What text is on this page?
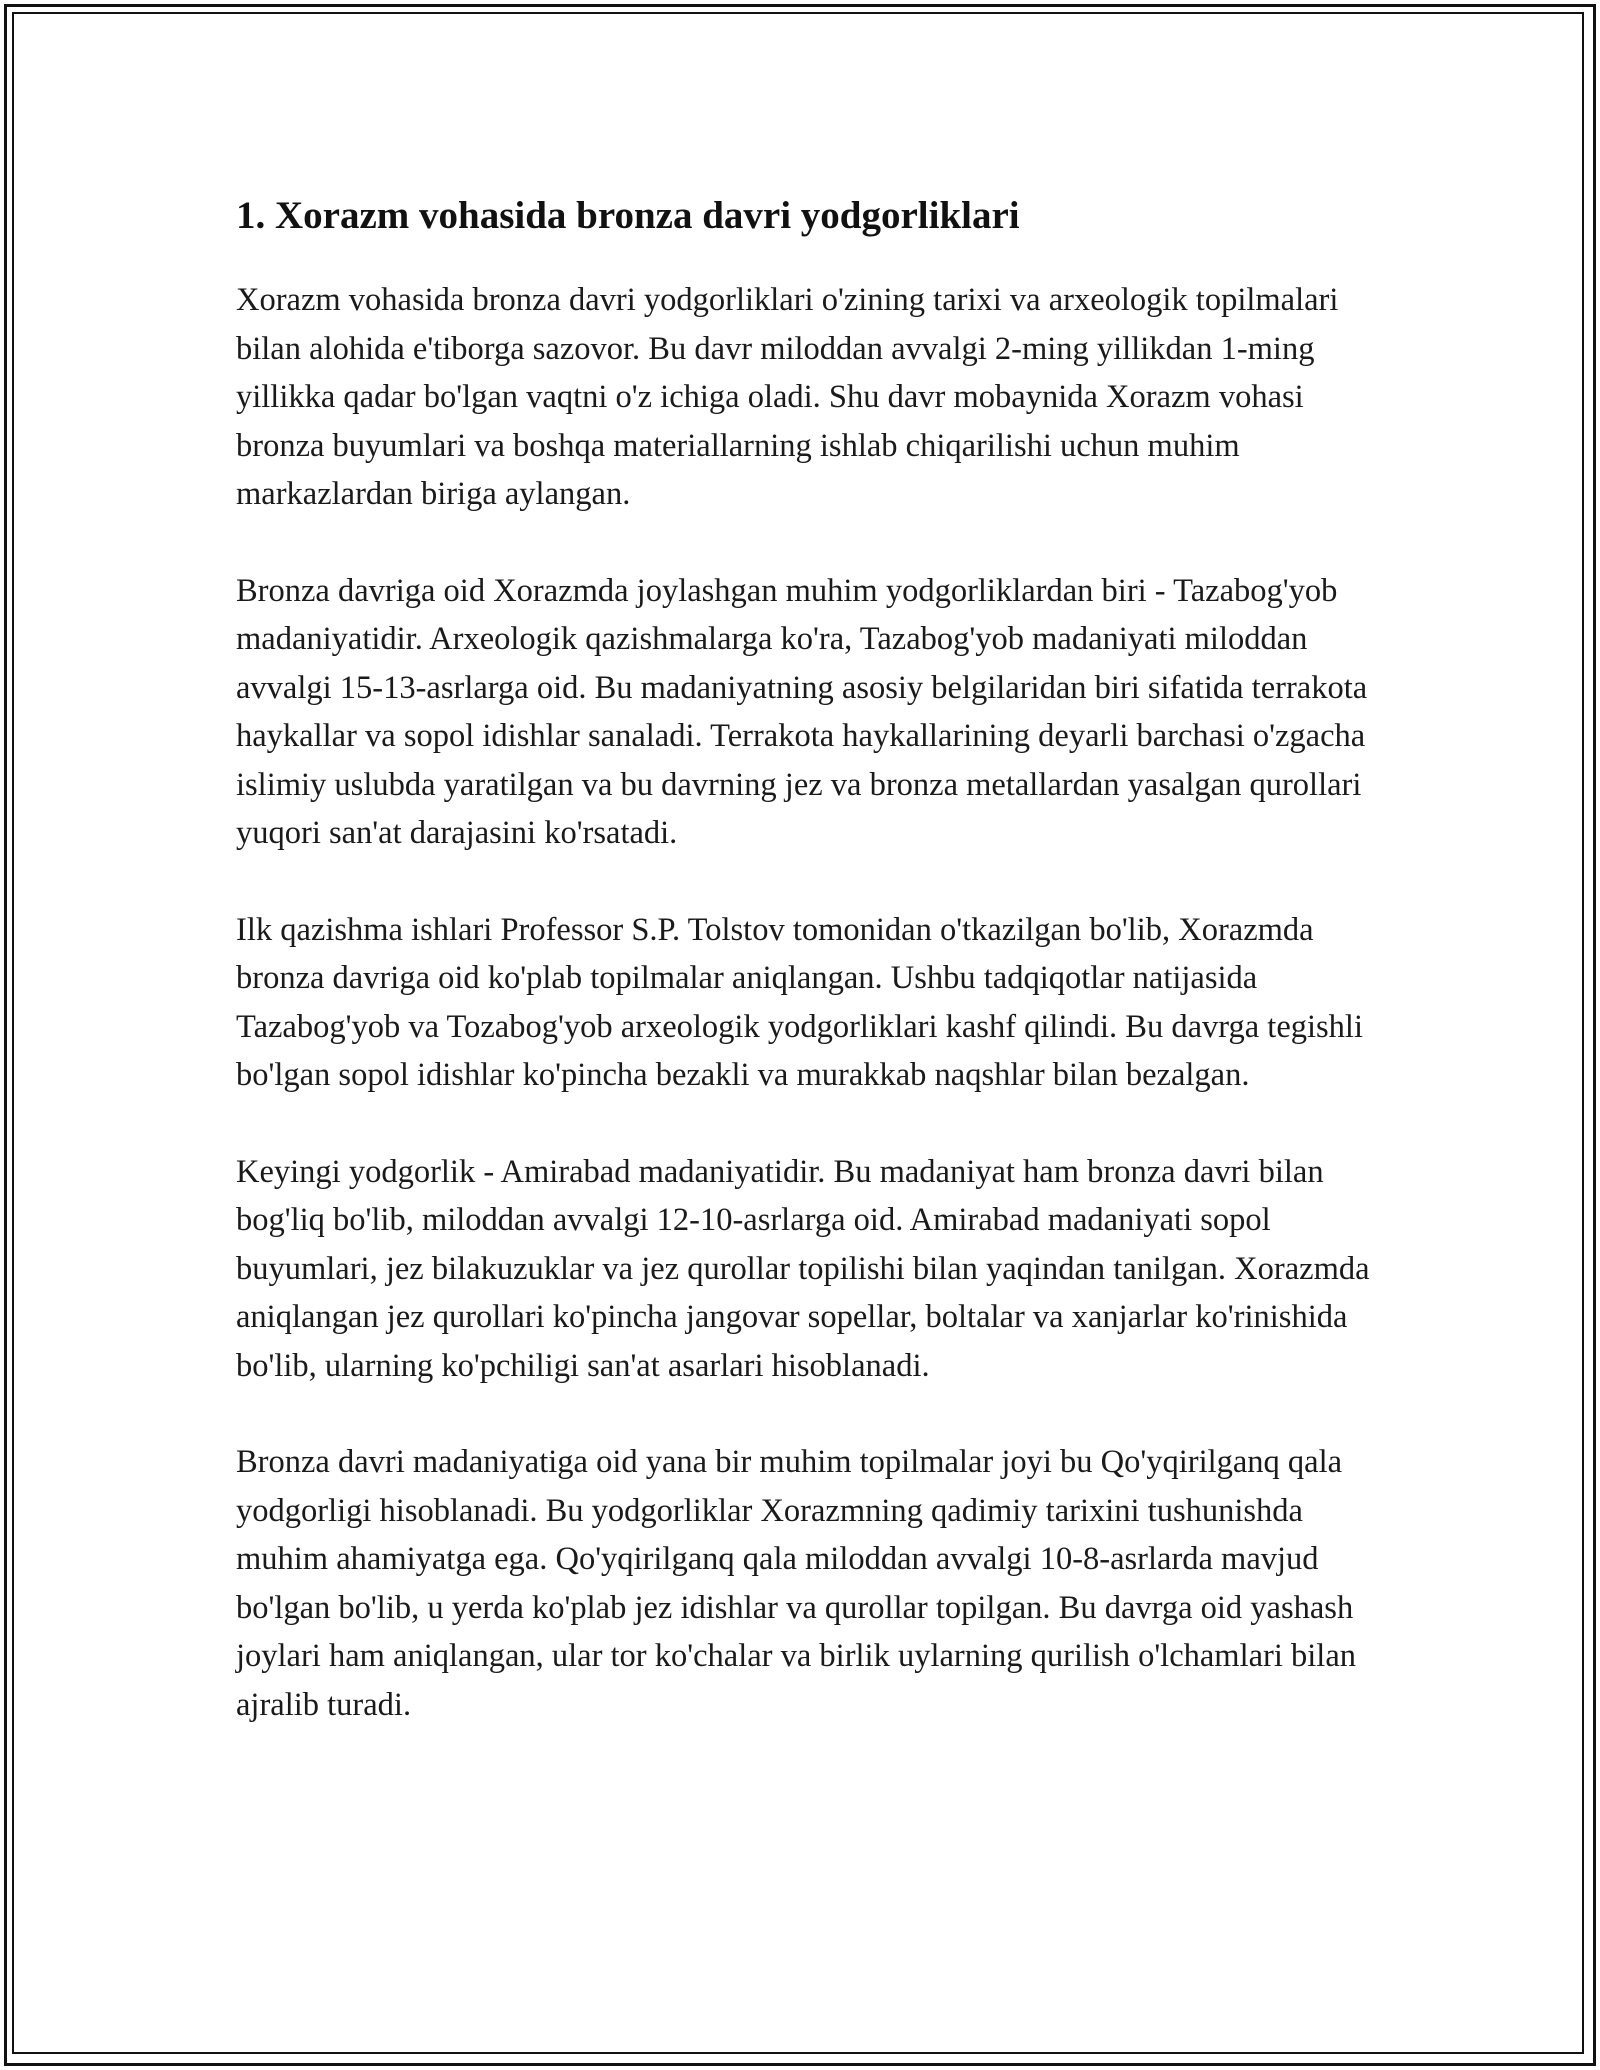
1. Xorazm vohasida bronza davri yodgorliklari

Xorazm vohasida bronza davri yodgorliklari o'zining tarixi va arxeologik topilmalari bilan alohida e'tiborga sazovor. Bu davr miloddan avvalgi 2-ming yillikdan 1-ming yillikka qadar bo'lgan vaqtni o'z ichiga oladi. Shu davr mobaynida Xorazm vohasi bronza buyumlari va boshqa materiallarning ishlab chiqarilishi uchun muhim markazlardan biriga aylangan.

Bronza davriga oid Xorazmda joylashgan muhim yodgorliklardan biri - Tazabog'yob madaniyatidir. Arxeologik qazishmalarga ko'ra, Tazabog'yob madaniyati miloddan avvalgi 15-13-asrlarga oid. Bu madaniyatning asosiy belgilaridan biri sifatida terrakota haykallar va sopol idishlar sanaladi. Terrakota haykallarining deyarli barchasi o'zgacha islimiy uslubda yaratilgan va bu davrning jez va bronza metallardan yasalgan qurollari yuqori san'at darajasini ko'rsatadi.

Ilk qazishma ishlari Professor S.P. Tolstov tomonidan o'tkazilgan bo'lib, Xorazmda bronza davriga oid ko'plab topilmalar aniqlangan. Ushbu tadqiqotlar natijasida Tazabog'yob va Tozabog'yob arxeologik yodgorliklari kashf qilindi. Bu davrga tegishli bo'lgan sopol idishlar ko'pincha bezakli va murakkab naqshlar bilan bezalgan.

Keyingi yodgorlik - Amirabad madaniyatidir. Bu madaniyat ham bronza davri bilan bog'liq bo'lib, miloddan avvalgi 12-10-asrlarga oid. Amirabad madaniyati sopol buyumlari, jez bilakuzuklar va jez qurollar topilishi bilan yaqindan tanilgan. Xorazmda aniqlangan jez qurollari ko'pincha jangovar sopellar, boltalar va xanjarlar ko'rinishida bo'lib, ularning ko'pchiligi san'at asarlari hisoblanadi.

Bronza davri madaniyatiga oid yana bir muhim topilmalar joyi bu Qo'yqirilganq qala yodgorligi hisoblanadi. Bu yodgorliklar Xorazmning qadimiy tarixini tushunishda muhim ahamiyatga ega. Qo'yqirilganq qala miloddan avvalgi 10-8-asrlarda mavjud bo'lgan bo'lib, u yerda ko'plab jez idishlar va qurollar topilgan. Bu davrga oid yashash joylari ham aniqlangan, ular tor ko'chalar va birlik uylarning qurilish o'lchamlari bilan ajralib turadi.
